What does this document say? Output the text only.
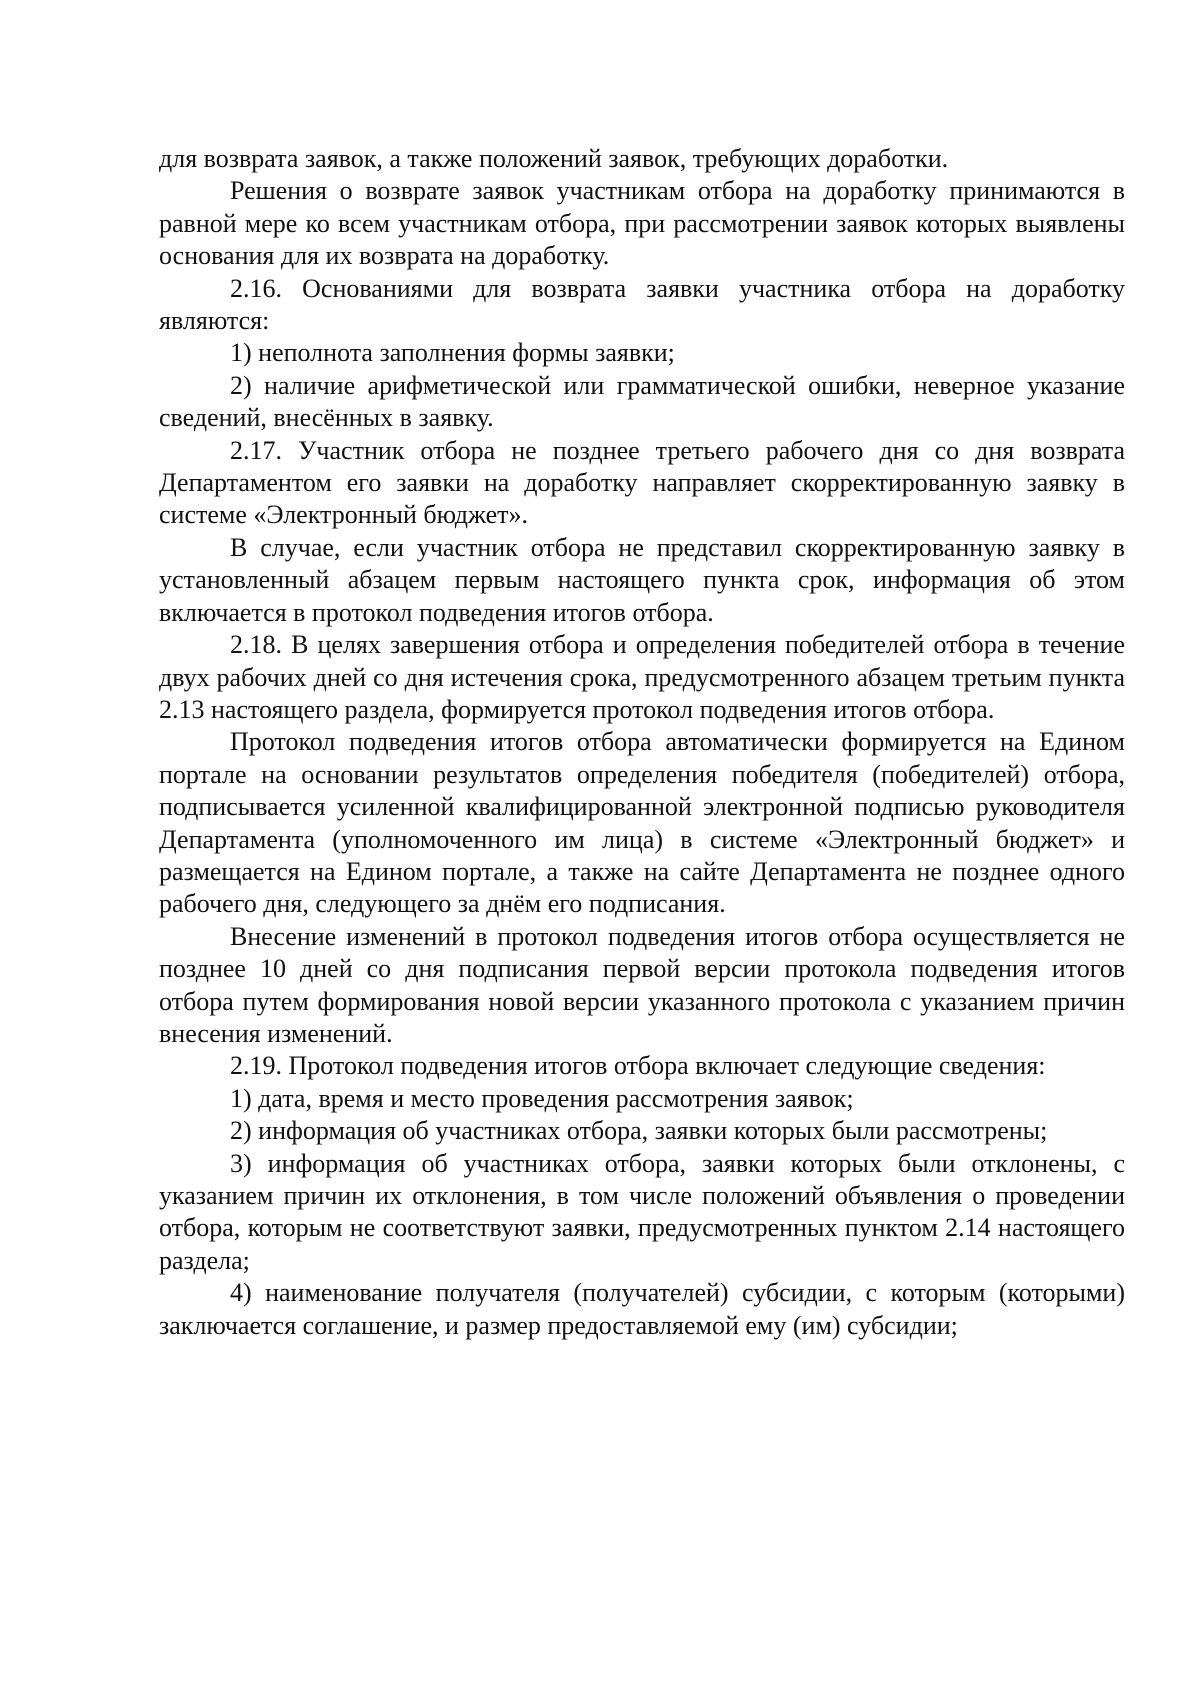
для возврата заявок, а также положений заявок, требующих доработки.

Решения о возврате заявок участникам отбора на доработку принимаются в равной мере ко всем участникам отбора, при рассмотрении заявок которых выявлены основания для их возврата на доработку.

2.16. Основаниями для возврата заявки участника отбора на доработку являются:

1) неполнота заполнения формы заявки;

2) наличие арифметической или грамматической ошибки, неверное указание сведений, внесённых в заявку.

2.17. Участник отбора не позднее третьего рабочего дня со дня возврата Департаментом его заявки на доработку направляет скорректированную заявку в системе «Электронный бюджет».

В случае, если участник отбора не представил скорректированную заявку в установленный абзацем первым настоящего пункта срок, информация об этом включается в протокол подведения итогов отбора.

2.18. В целях завершения отбора и определения победителей отбора в течение двух рабочих дней со дня истечения срока, предусмотренного абзацем третьим пункта 2.13 настоящего раздела, формируется протокол подведения итогов отбора.

Протокол подведения итогов отбора автоматически формируется на Едином портале на основании результатов определения победителя (победителей) отбора, подписывается усиленной квалифицированной электронной подписью руководителя Департамента (уполномоченного им лица) в системе «Электронный бюджет» и размещается на Едином портале, а также на сайте Департамента не позднее одного рабочего дня, следующего за днём его подписания.

Внесение изменений в протокол подведения итогов отбора осуществляется не позднее 10 дней со дня подписания первой версии протокола подведения итогов отбора путем формирования новой версии указанного протокола с указанием причин внесения изменений.

2.19. Протокол подведения итогов отбора включает следующие сведения:

1) дата, время и место проведения рассмотрения заявок;

2) информация об участниках отбора, заявки которых были рассмотрены;

3) информация об участниках отбора, заявки которых были отклонены, с указанием причин их отклонения, в том числе положений объявления о проведении отбора, которым не соответствуют заявки, предусмотренных пунктом 2.14 настоящего раздела;

4) наименование получателя (получателей) субсидии, с которым (которыми) заключается соглашение, и размер предоставляемой ему (им) субсидии;
